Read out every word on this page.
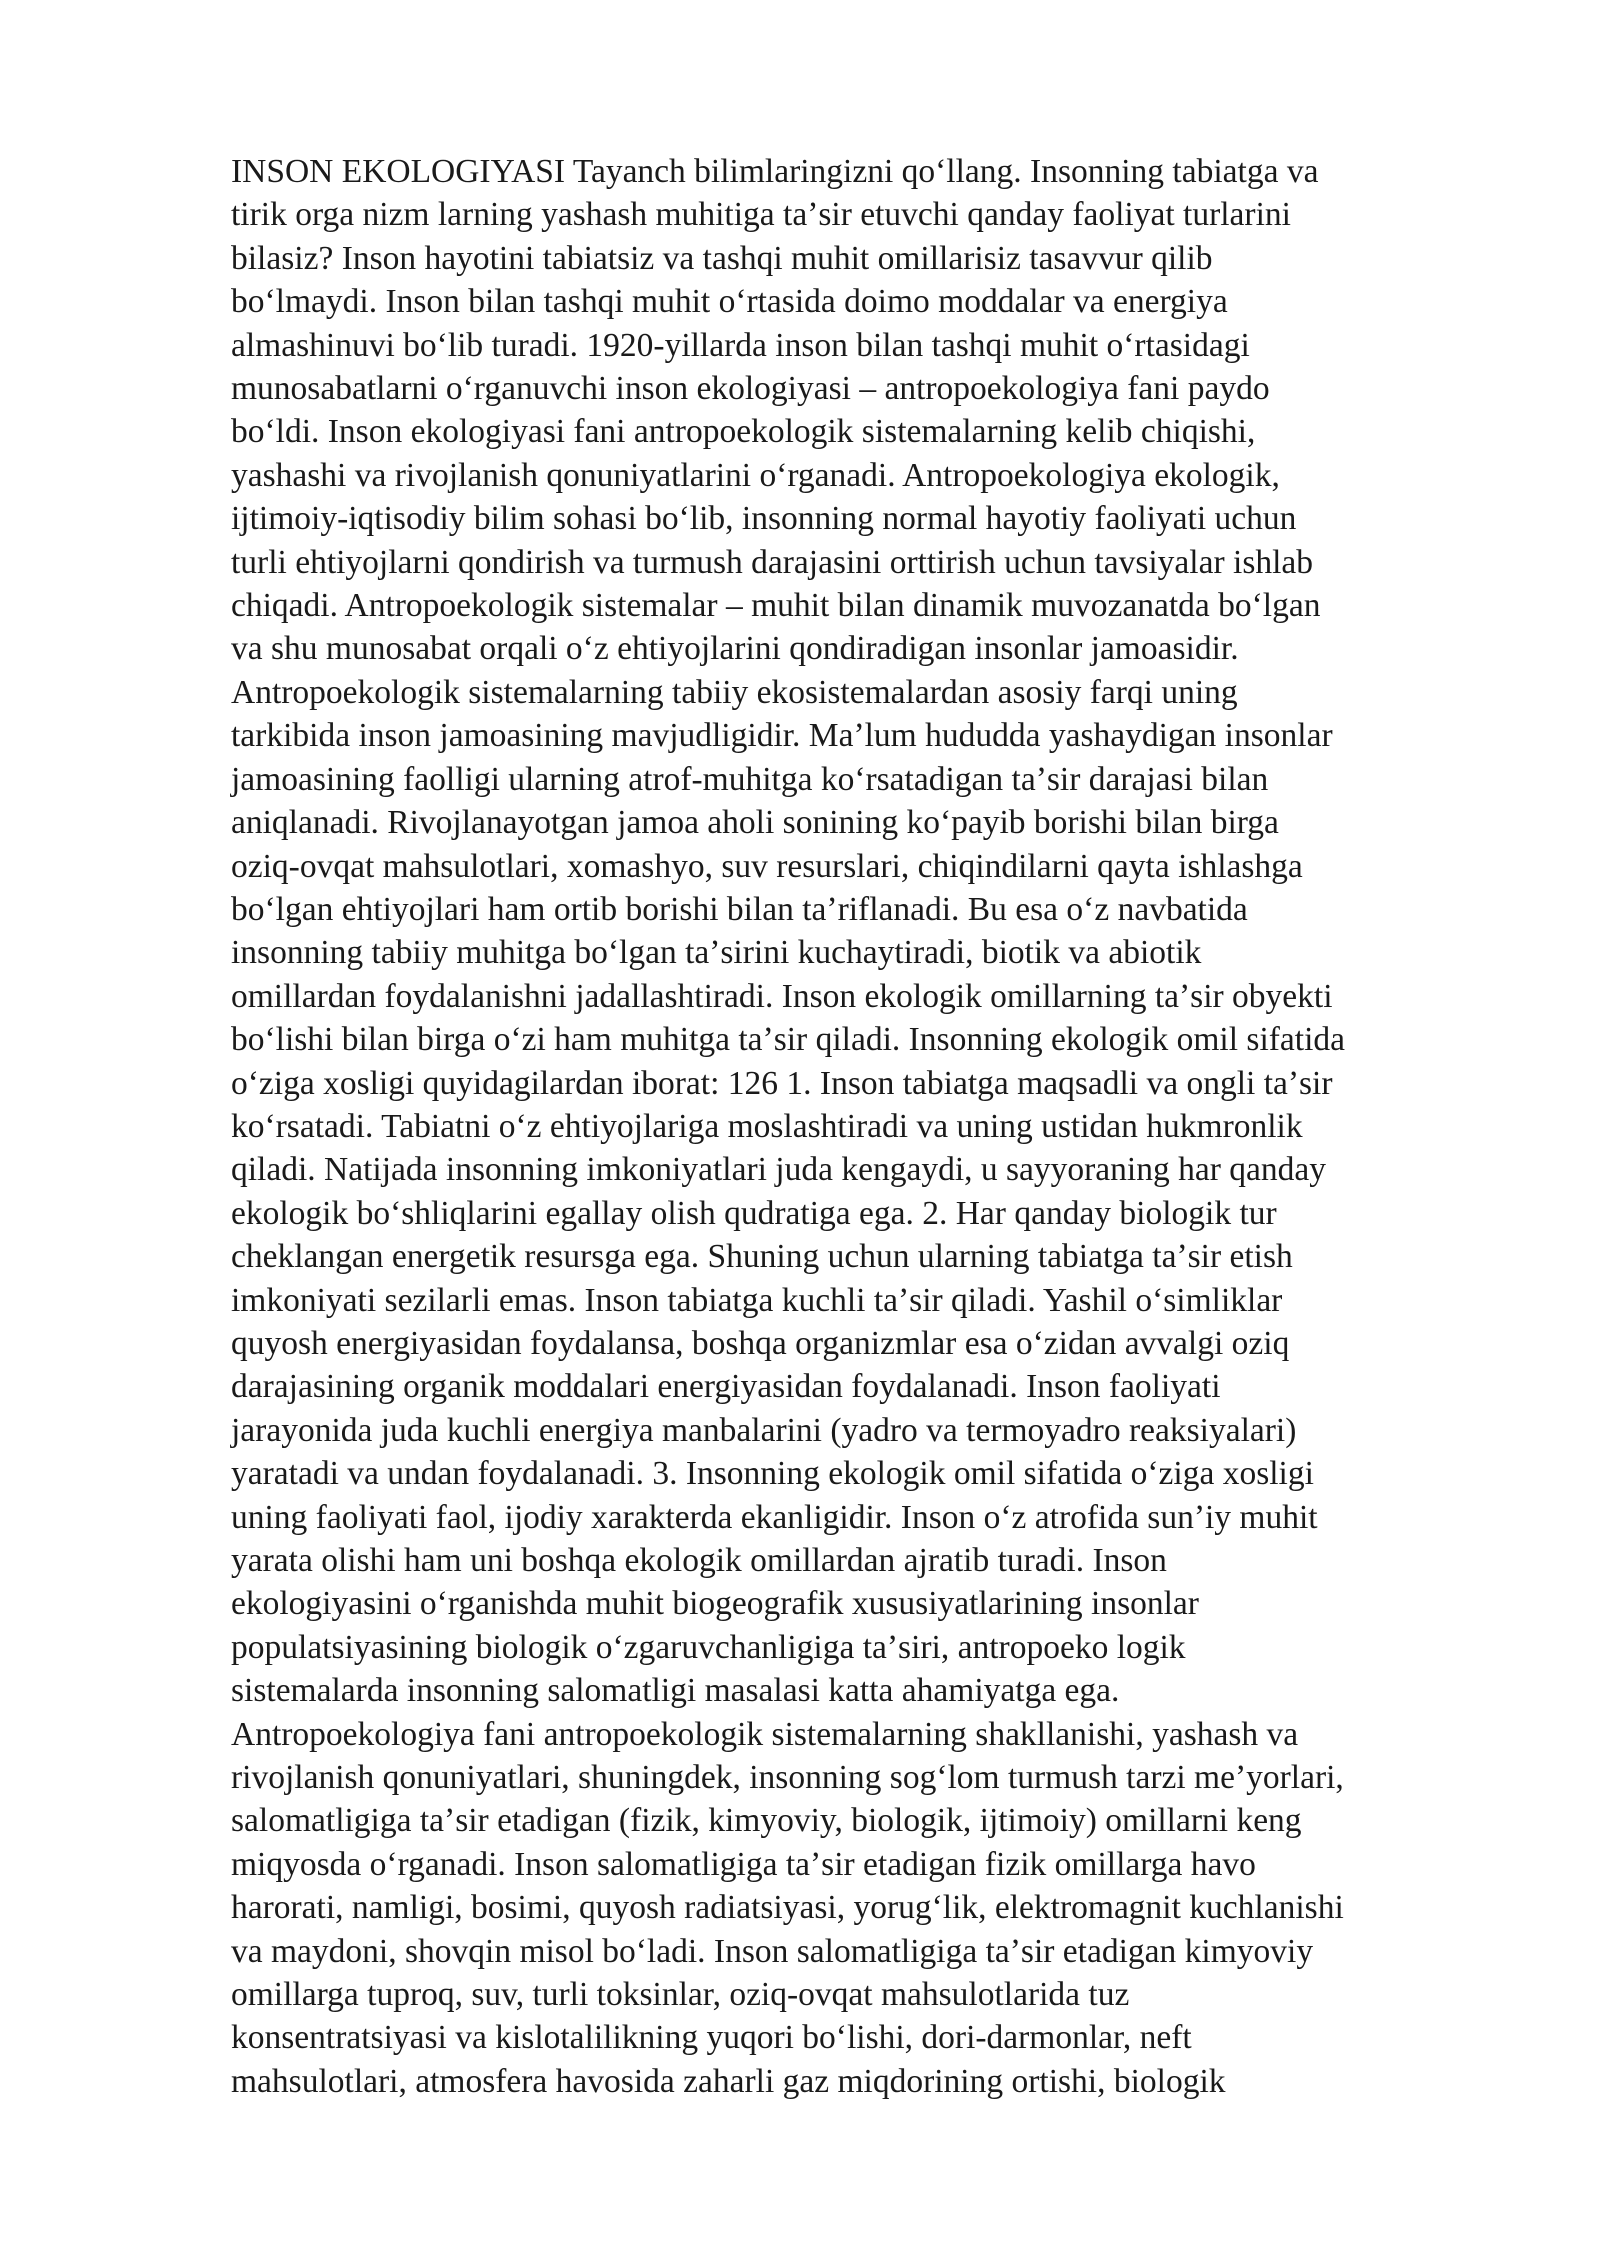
INSON EKOLOGIYASI Tayanch bilimlaringizni qoʻllang. Insonning tabiatga va
tirik orga nizm larning yashash muhitiga taʼsir etuvchi qanday faoliyat turlarini
bilasiz? Inson hayotini tabiatsiz va tashqi muhit omillarisiz tasavvur qilib
boʻlmaydi. Inson bilan tashqi muhit oʻrtasida doimo moddalar va energiya
almashinuvi boʻlib turadi. 1920-yillarda inson bilan tashqi muhit oʻrtasidagi
munosabatlarni oʻrganuvchi inson ekologiyasi – antropoekologiya fani paydo
boʻldi. Inson ekologiyasi fani antropoekologik sistemalarning kelib chiqishi,
yashashi va rivojlanish qonuniyatlarini oʻrganadi. Antropoekologiya ekologik,
ijtimoiy-iqtisodiy bilim sohasi boʻlib, insonning normal hayotiy faoliyati uchun
turli ehtiyojlarni qondirish va turmush darajasini orttirish uchun tavsiyalar ishlab
chiqadi. Antropoekologik sistemalar – muhit bilan dinamik muvozanatda boʻlgan
va shu munosabat orqali oʻz ehtiyojlarini qondiradigan insonlar jamoasidir.
Antropoekologik sistemalarning tabiiy ekosistemalardan asosiy farqi uning
tarkibida inson jamoasining mavjudligidir. Maʼlum hududda yashaydigan insonlar
jamoasining faolligi ularning atrof-muhitga koʻrsatadigan taʼsir darajasi bilan
aniqlanadi. Rivojlanayotgan jamoa aholi sonining koʻpayib borishi bilan birga
oziq-ovqat mahsulotlari, xomashyo, suv resurslari, chiqindilarni qayta ishlashga
boʻlgan ehtiyojlari ham ortib borishi bilan taʼriflanadi. Bu esa oʻz navbatida
insonning tabiiy muhitga boʻlgan taʼsirini kuchaytiradi, biotik va abiotik
omillardan foydalanishni jadallashtiradi. Inson ekologik omillarning taʼsir obyekti
boʻlishi bilan birga oʻzi ham muhitga taʼsir qiladi. Insonning ekologik omil sifatida
oʻziga xosligi quyidagilardan iborat: 126 1. Inson tabiatga maqsadli va ongli taʼsir
koʻrsatadi. Tabiatni oʻz ehtiyojlariga moslashtiradi va uning ustidan hukmronlik
qiladi. Natijada insonning imkoniyatlari juda kengaydi, u sayyoraning har qanday
ekologik boʻshliqlarini egallay olish qudratiga ega. 2. Har qanday biologik tur
cheklangan energetik resursga ega. Shuning uchun ularning tabiatga taʼsir etish
imkoniyati sezilarli emas. Inson tabiatga kuchli taʼsir qiladi. Yashil oʻsimliklar
quyosh energiyasidan foydalansa, boshqa organizmlar esa oʻzidan avvalgi oziq
darajasining organik moddalari energiyasidan foydalanadi. Inson faoliyati
jarayonida juda kuchli energiya manbalarini (yadro va termoyadro reaksiyalari)
yaratadi va undan foydalanadi. 3. Insonning ekologik omil sifatida oʻziga xosligi
uning faoliyati faol, ijodiy xarakterda ekanligidir. Inson oʻz atrofida sunʼiy muhit
yarata olishi ham uni boshqa ekologik omillardan ajratib turadi. Inson
ekologiyasini oʻrganishda muhit biogeografik xususiyatlarining insonlar
populatsiyasining biologik oʻzgaruvchanligiga taʼsiri, antropoeko logik
sistemalarda insonning salomatligi masalasi katta ahamiyatga ega.
Antropoekologiya fani antropoekologik sistemalarning shakllanishi, yashash va
rivojlanish qonuniyatlari, shuningdek, insonning sogʻlom turmush tarzi meʼyorlari,
salomatligiga taʼsir etadigan (fizik, kimyoviy, biologik, ijtimoiy) omillarni keng
miqyosda oʻrganadi. Inson salomatligiga taʼsir etadigan fizik omillarga havo
harorati, namligi, bosimi, quyosh radiatsiyasi, yorugʻlik, elektromagnit kuchlanishi
va maydoni, shovqin misol boʻladi. Inson salomatligiga taʼsir etadigan kimyoviy
omillarga tuproq, suv, turli toksinlar, oziq-ovqat mahsulotlarida tuz
konsentratsiyasi va kislotalilikning yuqori boʻlishi, dori-darmonlar, neft
mahsulotlari, atmosfera havosida zaharli gaz miqdorining ortishi, biologik
